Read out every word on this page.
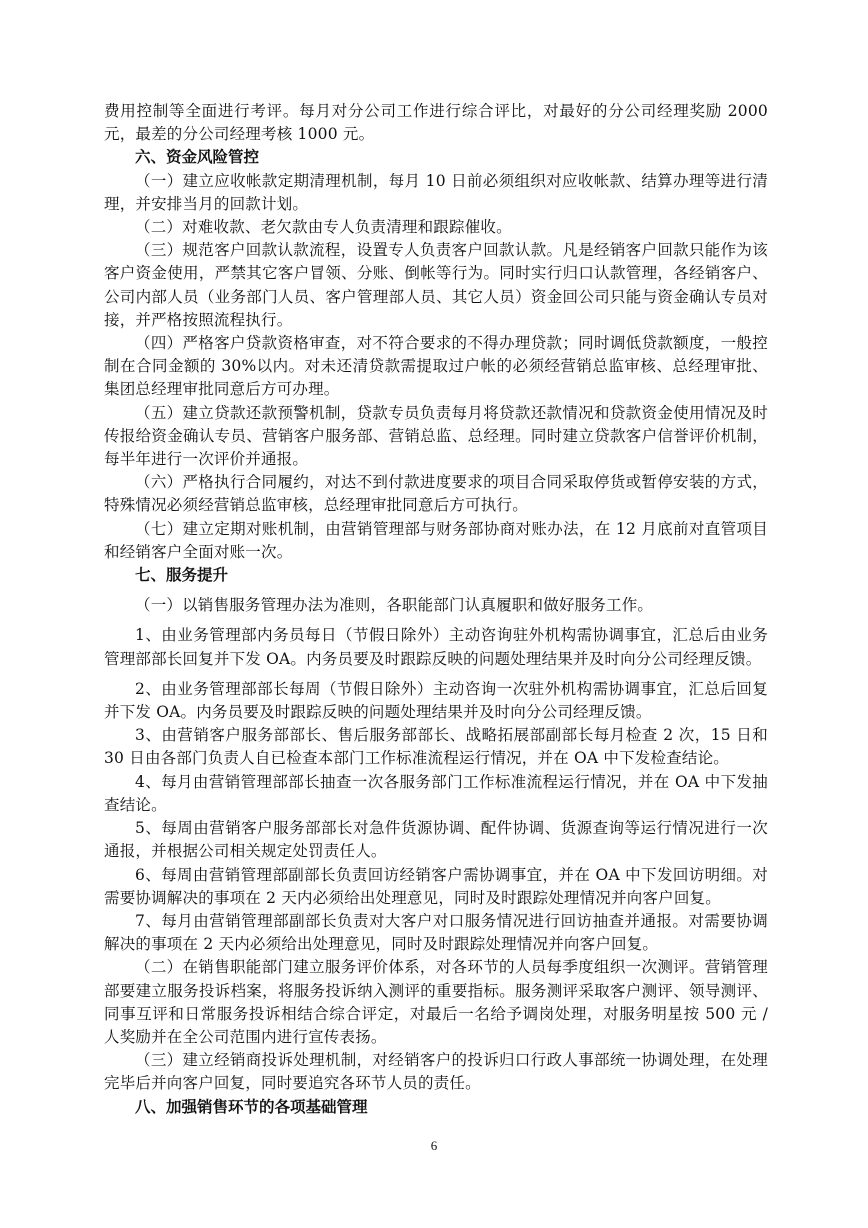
费用控制等全面进行考评。每月对分公司工作进行综合评比，对最好的分公司经理奖励 2000 元，最差的分公司经理考核 1000 元。

六、资金风险管控

（一）建立应收帐款定期清理机制，每月 10 日前必须组织对应收帐款、结算办理等进行清理，并安排当月的回款计划。

（二）对难收款、老欠款由专人负责清理和跟踪催收。

（三）规范客户回款认款流程，设置专人负责客户回款认款。凡是经销客户回款只能作为该客户资金使用，严禁其它客户冒领、分账、倒帐等行为。同时实行归口认款管理，各经销客户、公司内部人员（业务部门人员、客户管理部人员、其它人员）资金回公司只能与资金确认专员对接，并严格按照流程执行。

（四）严格客户贷款资格审查，对不符合要求的不得办理贷款；同时调低贷款额度，一般控制在合同金额的 30%以内。对未还清贷款需提取过户帐的必须经营销总监审核、总经理审批、集团总经理审批同意后方可办理。

（五）建立贷款还款预警机制，贷款专员负责每月将贷款还款情况和贷款资金使用情况及时传报给资金确认专员、营销客户服务部、营销总监、总经理。同时建立贷款客户信誉评价机制，每半年进行一次评价并通报。

（六）严格执行合同履约，对达不到付款进度要求的项目合同采取停货或暂停安装的方式，特殊情况必须经营销总监审核，总经理审批同意后方可执行。

（七）建立定期对账机制，由营销管理部与财务部协商对账办法，在 12 月底前对直管项目和经销客户全面对账一次。

七、服务提升

（一）以销售服务管理办法为准则，各职能部门认真履职和做好服务工作。

1、由业务管理部内务员每日（节假日除外）主动咨询驻外机构需协调事宜，汇总后由业务管理部部长回复并下发 OA。内务员要及时跟踪反映的问题处理结果并及时向分公司经理反馈。

2、由业务管理部部长每周（节假日除外）主动咨询一次驻外机构需协调事宜，汇总后回复并下发 OA。内务员要及时跟踪反映的问题处理结果并及时向分公司经理反馈。

3、由营销客户服务部部长、售后服务部部长、战略拓展部副部长每月检查 2 次，15 日和 30 日由各部门负责人自已检查本部门工作标准流程运行情况，并在 OA 中下发检查结论。

4、每月由营销管理部部长抽查一次各服务部门工作标准流程运行情况，并在 OA 中下发抽查结论。

5、每周由营销客户服务部部长对急件货源协调、配件协调、货源查询等运行情况进行一次通报，并根据公司相关规定处罚责任人。

6、每周由营销管理部副部长负责回访经销客户需协调事宜，并在 OA 中下发回访明细。对需要协调解决的事项在 2 天内必须给出处理意见，同时及时跟踪处理情况并向客户回复。

7、每月由营销管理部副部长负责对大客户对口服务情况进行回访抽查并通报。对需要协调解决的事项在 2 天内必须给出处理意见，同时及时跟踪处理情况并向客户回复。

（二）在销售职能部门建立服务评价体系，对各环节的人员每季度组织一次测评。营销管理部要建立服务投诉档案，将服务投诉纳入测评的重要指标。服务测评采取客户测评、领导测评、同事互评和日常服务投诉相结合综合评定，对最后一名给予调岗处理，对服务明星按 500 元 / 人奖励并在全公司范围内进行宣传表扬。

（三）建立经销商投诉处理机制，对经销客户的投诉归口行政人事部统一协调处理，在处理完毕后并向客户回复，同时要追究各环节人员的责任。

八、加强销售环节的各项基础管理

6
